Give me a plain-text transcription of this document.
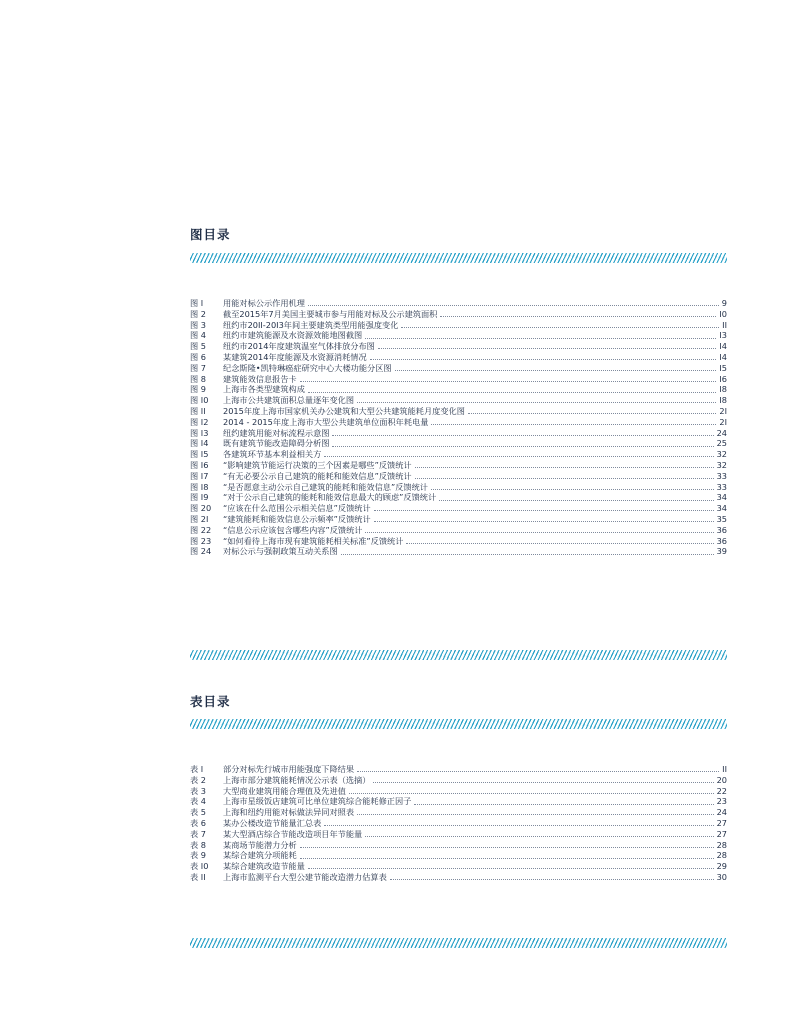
图目录
图 I	用能对标公示作用机理	9
图 2	截至2015年7月美国主要城市参与用能对标及公示建筑面积	I0
图 3	纽约市20II-20I3年间主要建筑类型用能强度变化	II
图 4	纽约市建筑能源及水资源效能地图截图	I3
图 5	纽约市2014年度建筑温室气体排放分布图	I4
图 6	某建筑2014年度能源及水资源消耗情况	I4
图 7	纪念斯隆•凯特琳癌症研究中心大楼功能分区图	I5
图 8	建筑能效信息报告卡	I6
图 9	上海市各类型建筑构成	I8
图 I0	上海市公共建筑面积总量逐年变化图	I8
图 II	2015年度上海市国家机关办公建筑和大型公共建筑能耗月度变化图	2I
图 I2	2014 - 2015年度上海市大型公共建筑单位面积年耗电量	2I
图 I3	纽约建筑用能对标流程示意图	24
图 I4	既有建筑节能改造障碍分析图	25
图 I5	各建筑环节基本利益相关方	32
图 I6	“影响建筑节能运行决策的三个因素是哪些”反馈统计	32
图 I7	“有无必要公示自己建筑的能耗和能效信息”反馈统计	33
图 I8	“是否愿意主动公示自己建筑的能耗和能效信息”反馈统计	33
图 I9	“对于公示自己建筑的能耗和能效信息最大的顾虑”反馈统计	34
图 20	“应该在什么范围公示相关信息”反馈统计	34
图 2I	“建筑能耗和能效信息公示频率”反馈统计	35
图 22	“信息公示应该包含哪些内容”反馈统计	36
图 23	“如何看待上海市现有建筑能耗相关标准”反馈统计	36
图 24	对标公示与强制政策互动关系图	39
表目录
表 I	部分对标先行城市用能强度下降结果	II
表 2	上海市部分建筑能耗情况公示表（选摘）	20
表 3	大型商业建筑用能合理值及先进值	22
表 4	上海市星级饭店建筑可比单位建筑综合能耗修正因子	23
表 5	上海和纽约用能对标做法异同对照表	24
表 6	某办公楼改造节能量汇总表	27
表 7	某大型酒店综合节能改造项目年节能量	27
表 8	某商场节能潜力分析	28
表 9	某综合建筑分项能耗	28
表 I0	某综合建筑改造节能量	29
表 II	上海市监测平台大型公建节能改造潜力估算表	30
